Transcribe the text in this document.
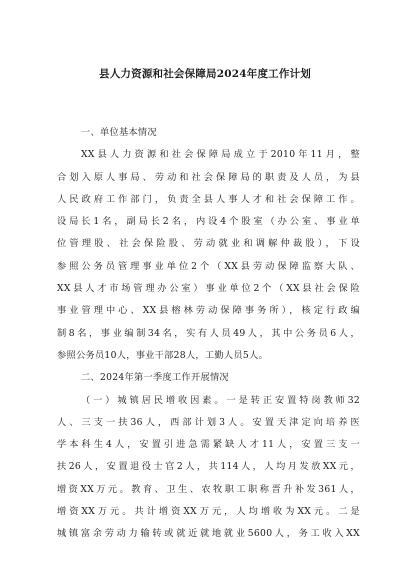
县人力资源和社会保障局2024年度工作计划
一、单位基本情况
XX县人力资源和社会保障局成立于2010年11月，整
合划入原人事局、劳动和社会保障局的职责及人员，为县
人民政府工作部门，负责全县人事人才和社会保障工作。
设局长1名，副局长2名，内设4个股室（办公室、事业单
位管理股、社会保险股、劳动就业和调解仲裁股），下设
参照公务员管理事业单位2个（XX县劳动保障监察大队、
XX县人才市场管理办公室）事业单位2个（XX县社会保险
事业管理中心、XX县榕林劳动保障事务所），核定行政编
制8名，事业编制34名，实有人员49人，其中公务员6人，
参照公务员10人，事业干部28人，工勤人员5人。
二、2024年第一季度工作开展情况
（一）城镇居民增收因素。一是转正安置特岗教师32
人、三支一扶36人，西部计划3人。安置天津定向培养医
学本科生4人，安置引进急需紧缺人才11人，安置三支一
扶26人，安置退役士官2人，共114人，人均月发放XX元，
增资XX万元。教育、卫生、农牧职工职称晋升补发361人，
增资XX万元。共计增资XX万元，人均增收为XX元。二是
城镇富余劳动力输转或就近就地就业5600人，务工收入XX
